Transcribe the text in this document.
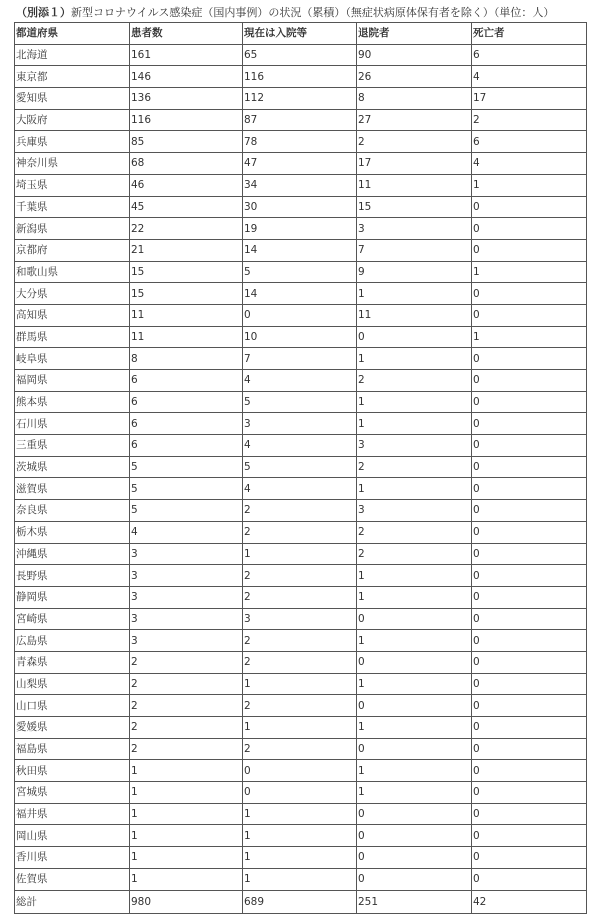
（別添１）新型コロナウイルス感染症（国内事例）の状況（累積）（無症状病原体保有者を除く）（単位：人）
都道府県	患者数	現在は入院等	退院者	死亡者
北海道	161	65	90	6
東京都	146	116	26	4
愛知県	136	112	8	17
大阪府	116	87	27	2
兵庫県	85	78	2	6
神奈川県	68	47	17	4
埼玉県	46	34	11	1
千葉県	45	30	15	0
新潟県	22	19	3	0
京都府	21	14	7	0
和歌山県	15	5	9	1
大分県	15	14	1	0
高知県	11	0	11	0
群馬県	11	10	0	1
岐阜県	8	7	1	0
福岡県	6	4	2	0
熊本県	6	5	1	0
石川県	6	3	1	0
三重県	6	4	3	0
茨城県	5	5	2	0
滋賀県	5	4	1	0
奈良県	5	2	3	0
栃木県	4	2	2	0
沖縄県	3	1	2	0
長野県	3	2	1	0
静岡県	3	2	1	0
宮崎県	3	3	0	0
広島県	3	2	1	0
青森県	2	2	0	0
山梨県	2	1	1	0
山口県	2	2	0	0
愛媛県	2	1	1	0
福島県	2	2	0	0
秋田県	1	0	1	0
宮城県	1	0	1	0
福井県	1	1	0	0
岡山県	1	1	0	0
香川県	1	1	0	0
佐賀県	1	1	0	0
総計	980	689	251	42
